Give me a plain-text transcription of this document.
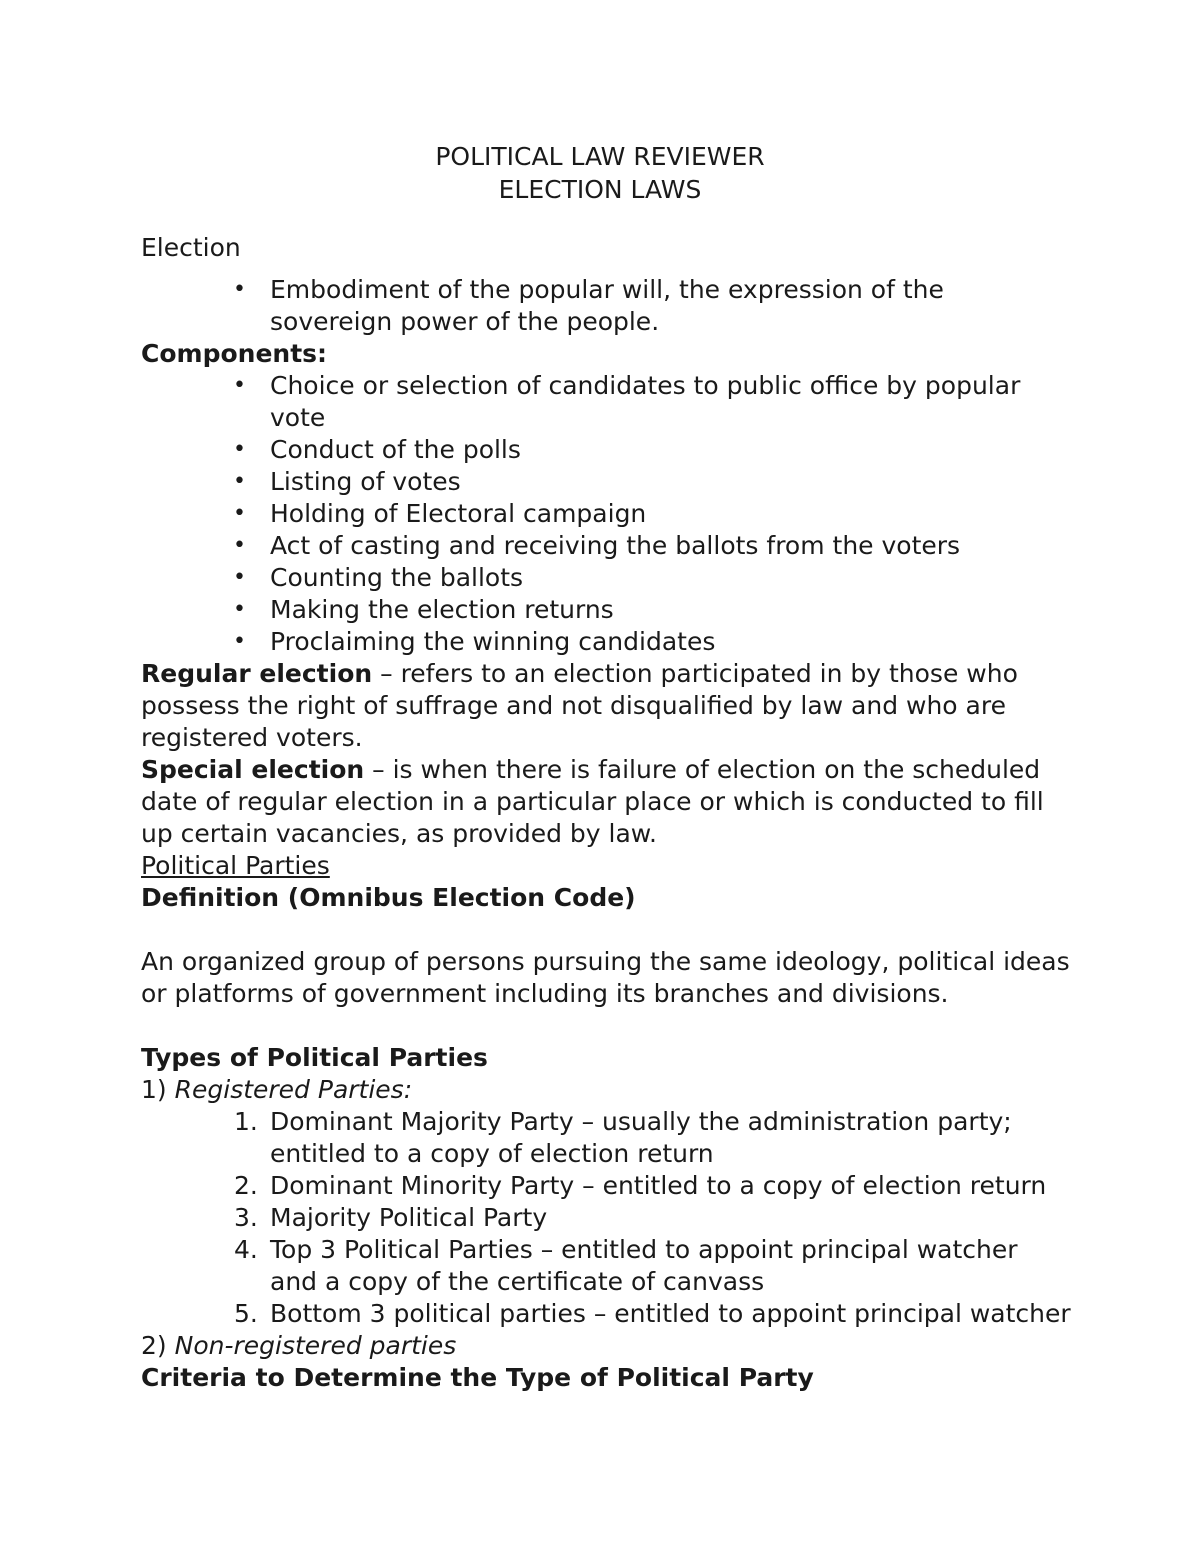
POLITICAL LAW REVIEWER
ELECTION LAWS

Election

• Embodiment of the popular will, the expression of the sovereign power of the people.

Components:

• Choice or selection of candidates to public office by popular vote
• Conduct of the polls
• Listing of votes
• Holding of Electoral campaign
• Act of casting and receiving the ballots from the voters
• Counting the ballots
• Making the election returns
• Proclaiming the winning candidates

Regular election – refers to an election participated in by those who possess the right of suffrage and not disqualified by law and who are registered voters.

Special election – is when there is failure of election on the scheduled date of regular election in a particular place or which is conducted to fill up certain vacancies, as provided by law.

Political Parties

Definition (Omnibus Election Code)

An organized group of persons pursuing the same ideology, political ideas or platforms of government including its branches and divisions.

Types of Political Parties

1) Registered Parties:

1. Dominant Majority Party – usually the administration party; entitled to a copy of election return
2. Dominant Minority Party – entitled to a copy of election return
3. Majority Political Party
4. Top 3 Political Parties – entitled to appoint principal watcher and a copy of the certificate of canvass
5. Bottom 3 political parties – entitled to appoint principal watcher

2) Non-registered parties

Criteria to Determine the Type of Political Party
